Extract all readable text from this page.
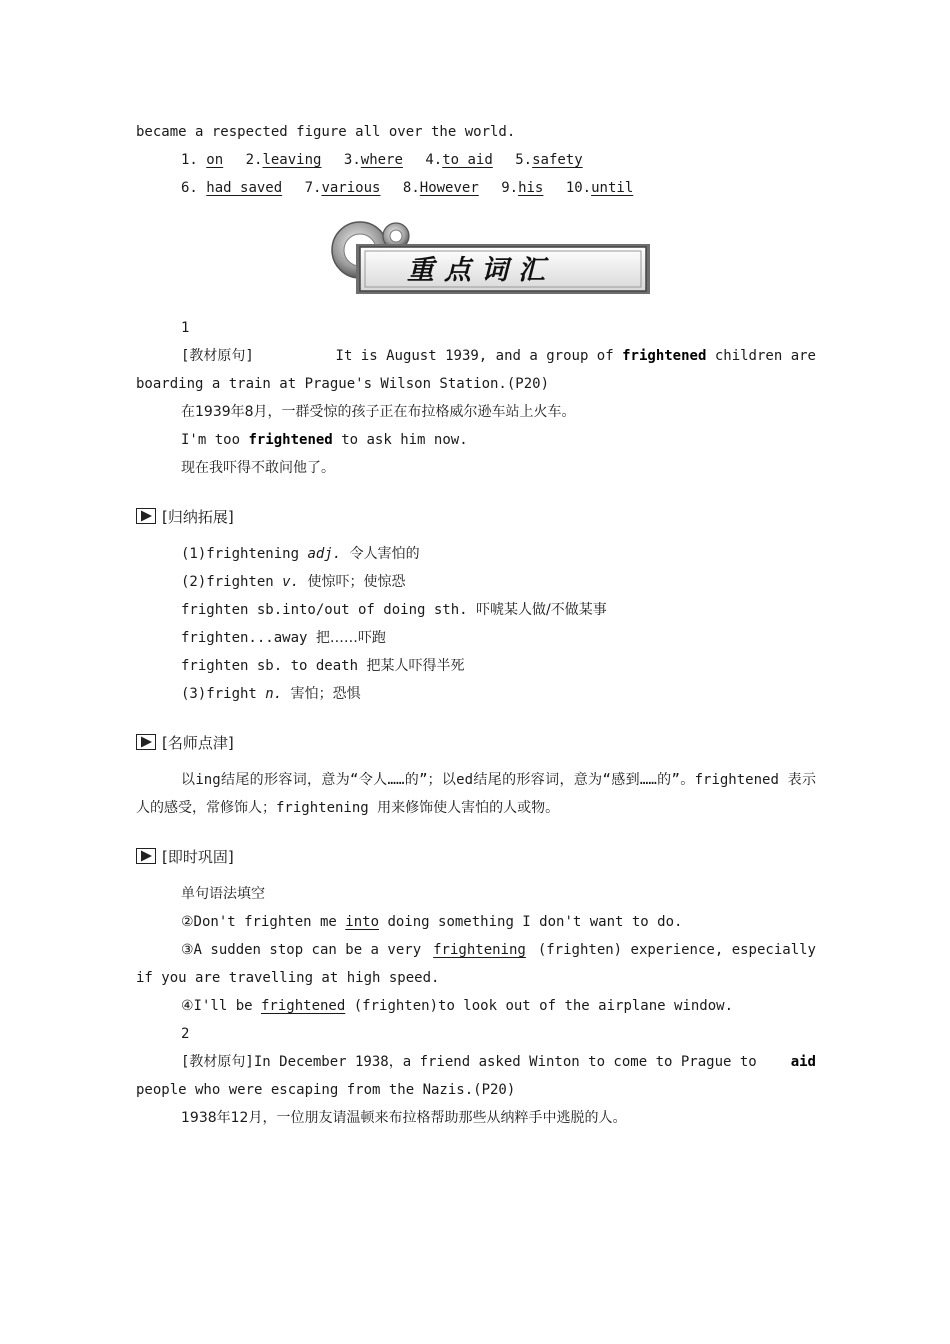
became a respected figure all over the world.
1. on 2.leaving 3.where 4.to aid 5.safety
6. had saved 7.various 8.However 9.his 10.until
重点词汇
1
[教材原句]	It is August 1939, and a group of frightened children are
boarding a train at Prague's Wilson Station.(P20)
在1939年8月，一群受惊的孩子正在布拉格威尔逊车站上火车。
I'm too frightened to ask him now.
现在我吓得不敢问他了。
[归纳拓展]
(1)frightening adj. 令人害怕的
(2)frighten v. 使惊吓；使惊恐
frighten sb.into/out of doing sth. 吓唬某人做/不做某事
frighten...away 把……吓跑
frighten sb. to death 把某人吓得半死
(3)fright n. 害怕；恐惧
[名师点津]
以ing结尾的形容词，意为“令人……的”；以ed结尾的形容词，意为“感到……的”。frightened 表示人的感受，常修饰人；frightening 用来修饰使人害怕的人或物。
[即时巩固]
单句语法填空
②Don't frighten me into doing something I don't want to do.
③A sudden stop can be a very frightening (frighten) experience, especially
if you are travelling at high speed.
④I'll be frightened (frighten)to look out of the airplane window.
2
[教材原句]In December 1938，a friend asked Winton to come to Prague to aid
people who were escaping from the Nazis.(P20)
1938年12月，一位朋友请温顿来布拉格帮助那些从纳粹手中逃脱的人。
